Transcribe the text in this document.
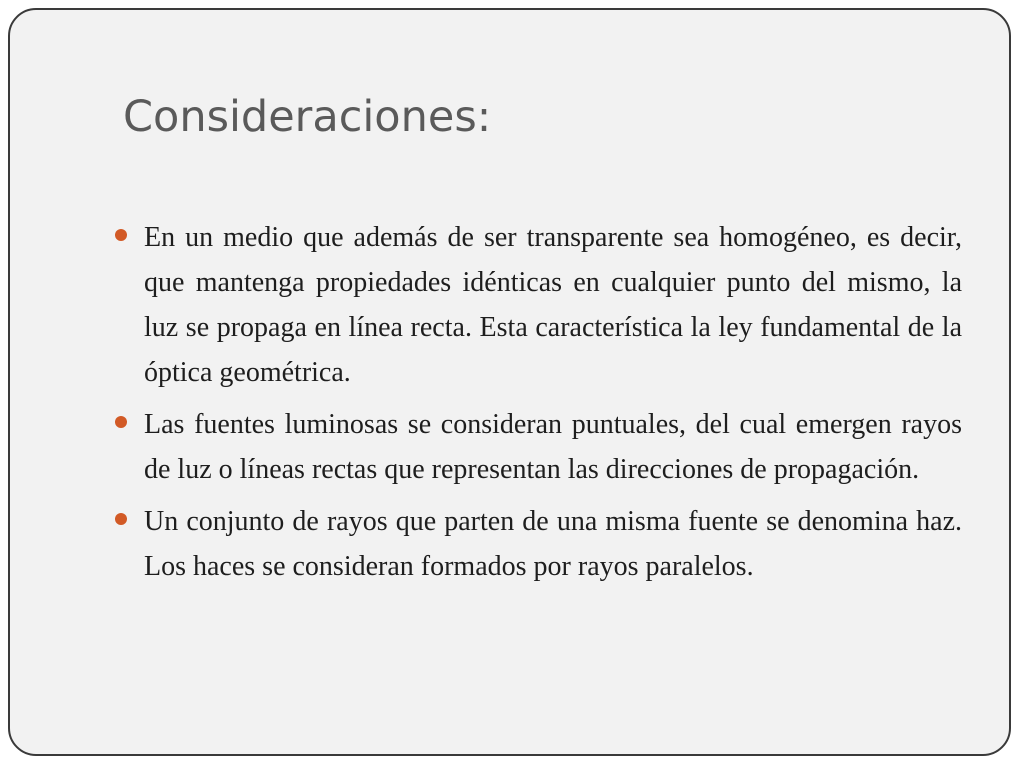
Consideraciones:
En un medio que además de ser transparente sea homogéneo, es decir, que mantenga propiedades idénticas en cualquier punto del mismo, la luz se propaga en línea recta. Esta característica la ley fundamental de la óptica geométrica.
Las fuentes luminosas se consideran puntuales, del cual emergen rayos de luz o líneas rectas que representan las direcciones de propagación.
Un conjunto de rayos que parten de una misma fuente se denomina haz. Los haces se consideran formados por rayos paralelos.
